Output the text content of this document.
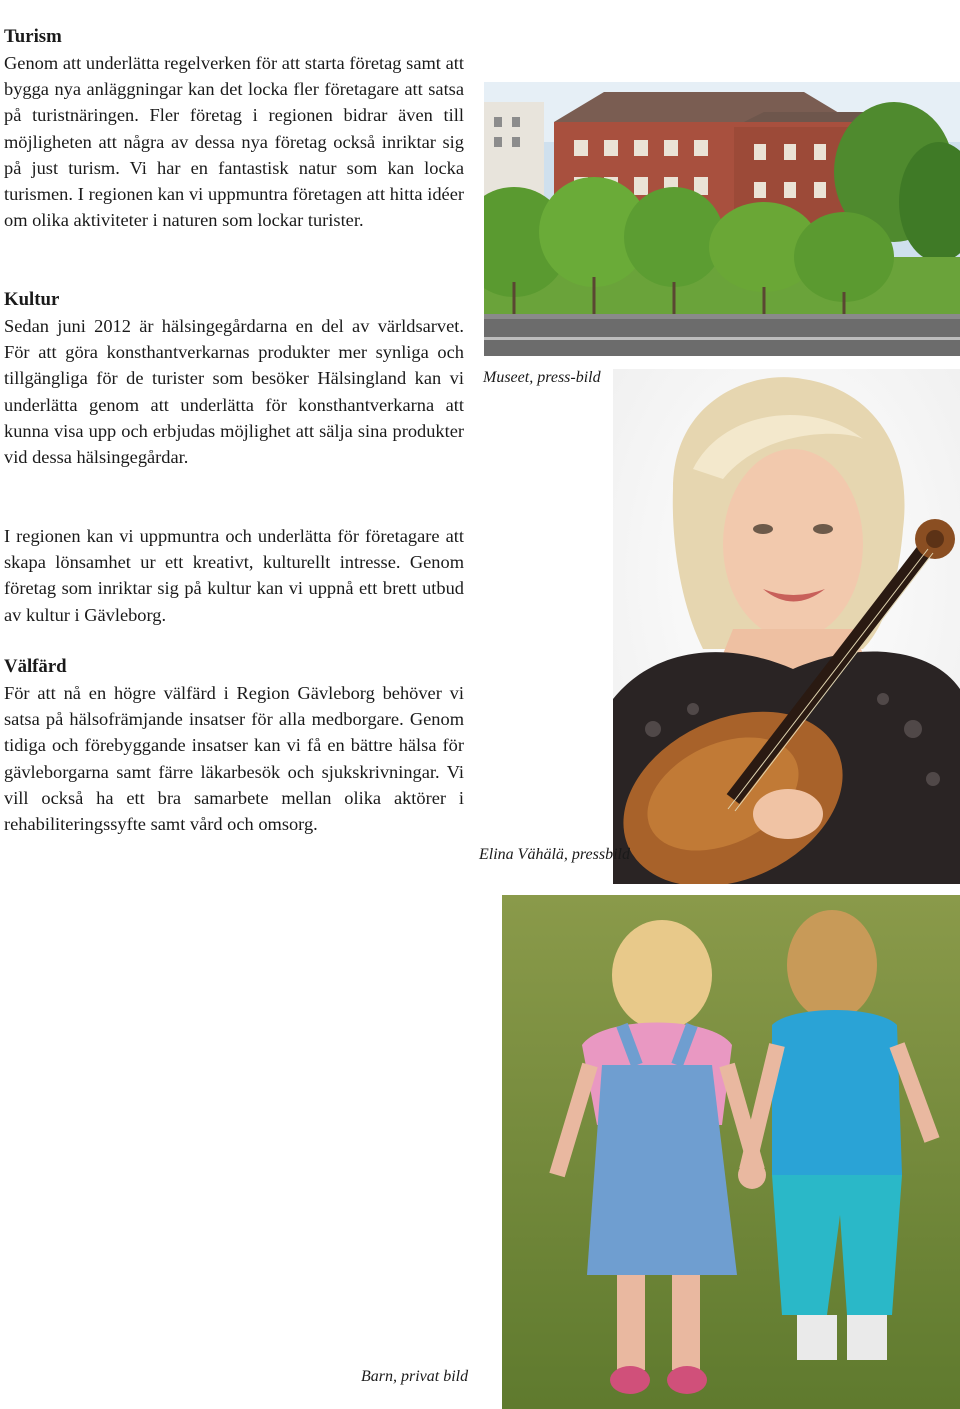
Turism

Genom att underlätta regelverken för att starta företag samt att bygga nya anläggningar kan det locka fler företagare att satsa på turistnäringen. Fler företag i regionen bidrar även till möjligheten att några av dessa nya företag också inriktar sig på just turism. Vi har en fantastisk natur som kan locka turismen. I regionen kan vi uppmuntra företagen att hitta idéer om olika aktiviteter i naturen som lockar turister.

Kultur

Sedan juni 2012 är hälsingegårdarna en del av världsarvet. För att göra konsthantverkarnas produkter mer synliga och tillgängliga för de turister som besöker Hälsingland kan vi underlätta genom att underlätta för konsthantverkarna att kunna visa upp och erbjudas möjlighet att sälja sina produkter vid dessa hälsingegårdar.

I regionen kan vi uppmuntra och underlätta för företagare att skapa lönsamhet ur ett kreativt, kulturellt intresse. Genom företag som inriktar sig på kultur kan vi uppnå ett brett utbud av kultur i Gävleborg.

Välfärd

För att nå en högre välfärd i Region Gävleborg behöver vi satsa på hälsofrämjande insatser för alla medborgare. Genom tidiga och förebyggande insatser kan vi få en bättre hälsa för gävleborgarna samt färre läkarbesök och sjukskrivningar. Vi vill också ha ett bra samarbete mellan olika aktörer i rehabiliteringssyfte samt vård och omsorg.

Museet, press-bild
Elina Vähälä, pressbild
Barn, privat bild
